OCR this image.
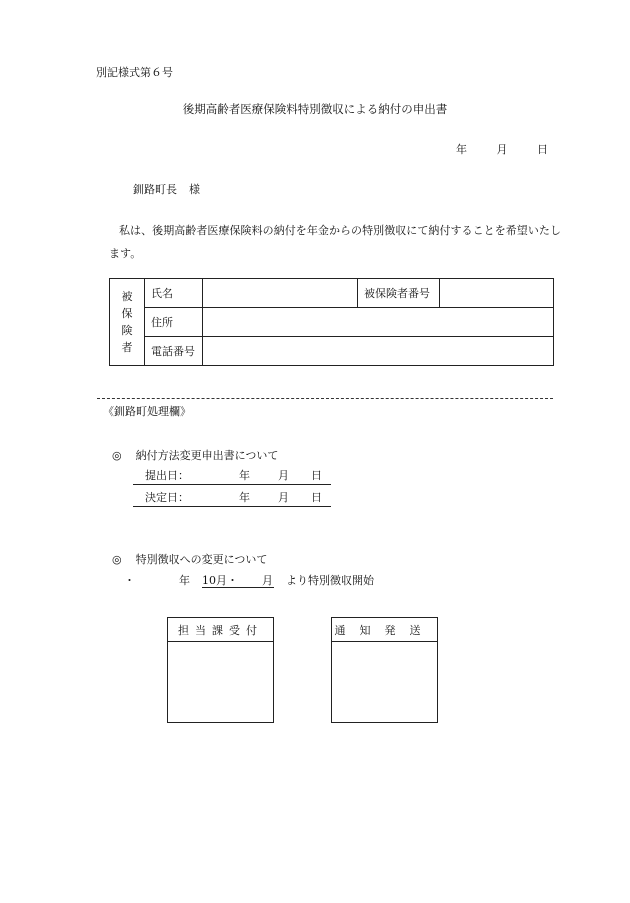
別記様式第６号
後期高齢者医療保険料特別徴収による納付の申出書
年	月	日
釧路町長 様
私は、後期高齢者医療保険料の納付を年金からの特別徴収にて納付することを希望いたします。
被
保
険
者	氏名		被保険者番号	

	住所			

	電話番号			
《釧路町処理欄》
◎ 納付方法変更申出書について
提出日：	年	月 日
決定日：	年	月 日
◎ 特別徴収への変更について
・	年 10月・ 月 より特別徴収開始
担当課受付	通知発送
